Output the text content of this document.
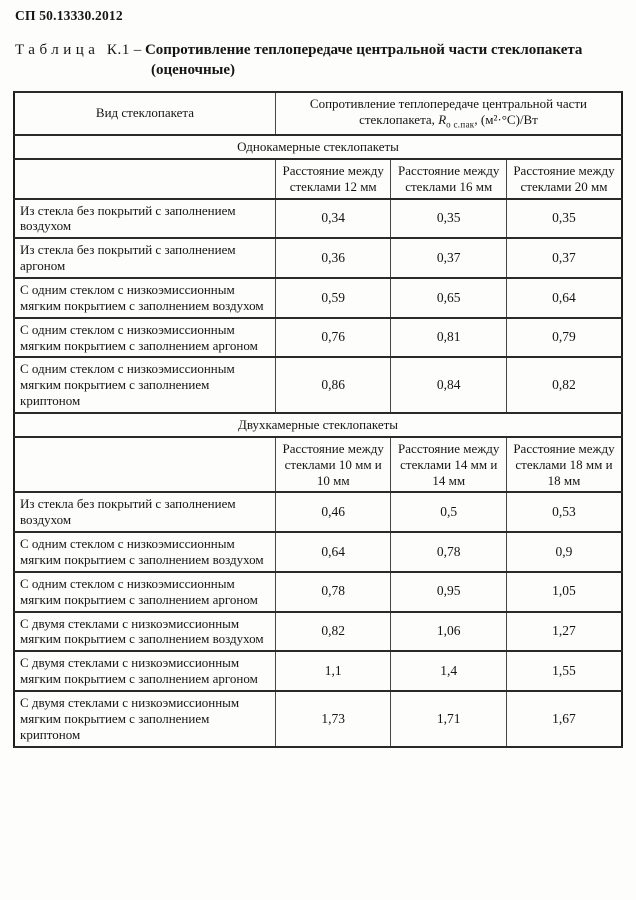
СП 50.13330.2012
Таблица К.1 – Сопротивление теплопередаче центральной части стеклопакета (оценочные)
Вид стеклопакета	Сопротивление теплопередаче центральной части
стеклопакета, $R_{о с.пак}$, (м²·°С)/Вт		

Однокамерные стеклопакеты			
	Расстояние между стеклами 12 мм	Расстояние между стеклами 16 мм	Расстояние между стеклами 20 мм
Из стекла без покрытий с заполнением воздухом	0,34	0,35	0,35
Из стекла без покрытий с заполнением аргоном	0,36	0,37	0,37
С одним стеклом с низкоэмиссионным мягким покрытием с заполнением воздухом	0,59	0,65	0,64
С одним стеклом с низкоэмиссионным мягким покрытием с заполнением аргоном	0,76	0,81	0,79
С одним стеклом с низкоэмиссионным мягким покрытием с заполнением криптоном	0,86	0,84	0,82
Двухкамерные стеклопакеты			
	Расстояние между стеклами 10 мм и 10 мм	Расстояние между стеклами 14 мм и 14 мм	Расстояние между стеклами 18 мм и 18 мм
Из стекла без покрытий с заполнением воздухом	0,46	0,5	0,53
С одним стеклом с низкоэмиссионным мягким покрытием с заполнением воздухом	0,64	0,78	0,9
С одним стеклом с низкоэмиссионным мягким покрытием с заполнением аргоном	0,78	0,95	1,05
С двумя стеклами с низкоэмиссионным мягким покрытием с заполнением воздухом	0,82	1,06	1,27
С двумя стеклами с низкоэмиссионным мягким покрытием с заполнением аргоном	1,1	1,4	1,55
С двумя стеклами с низкоэмиссионным мягким покрытием с заполнением криптоном	1,73	1,71	1,67
